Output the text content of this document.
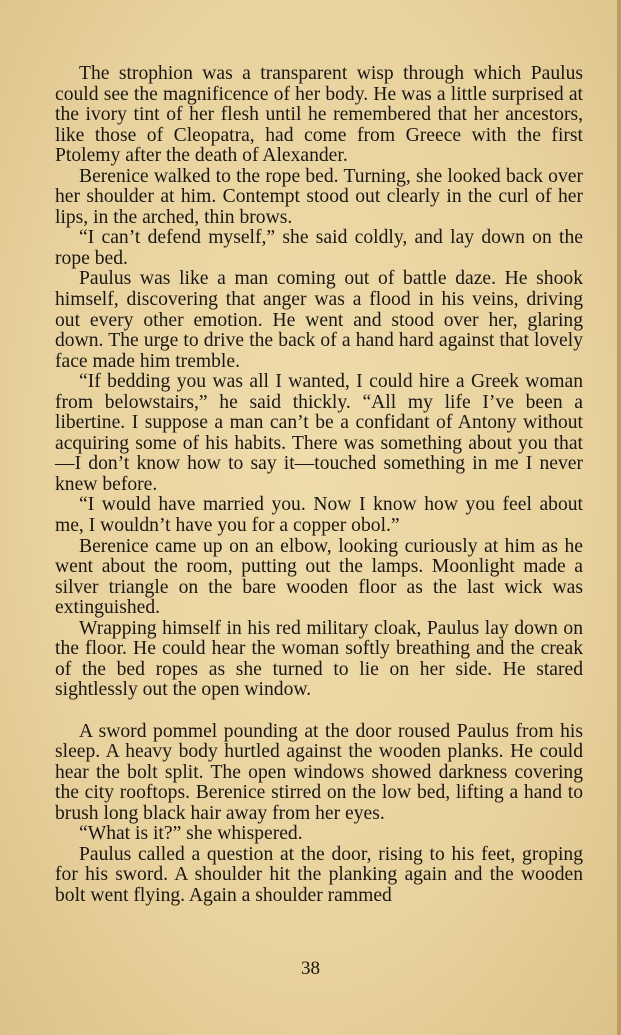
The strophion was a transparent wisp through which Paulus could see the magnificence of her body. He was a little surprised at the ivory tint of her flesh until he remembered that her ancestors, like those of Cleopatra, had come from Greece with the first Ptolemy after the death of Alexander.

Berenice walked to the rope bed. Turning, she looked back over her shoulder at him. Contempt stood out clearly in the curl of her lips, in the arched, thin brows.

“I can’t defend myself,” she said coldly, and lay down on the rope bed.

Paulus was like a man coming out of battle daze. He shook himself, discovering that anger was a flood in his veins, driving out every other emotion. He went and stood over her, glaring down. The urge to drive the back of a hand hard against that lovely face made him tremble.

“If bedding you was all I wanted, I could hire a Greek woman from belowstairs,” he said thickly. “All my life I’ve been a libertine. I suppose a man can’t be a confidant of Antony without acquiring some of his habits. There was something about you that—I don’t know how to say it—touched something in me I never knew before.

“I would have married you. Now I know how you feel about me, I wouldn’t have you for a copper obol.”

Berenice came up on an elbow, looking curiously at him as he went about the room, putting out the lamps. Moonlight made a silver triangle on the bare wooden floor as the last wick was extinguished.

Wrapping himself in his red military cloak, Paulus lay down on the floor. He could hear the woman softly breathing and the creak of the bed ropes as she turned to lie on her side. He stared sightlessly out the open window.

A sword pommel pounding at the door roused Paulus from his sleep. A heavy body hurtled against the wooden planks. He could hear the bolt split. The open windows showed darkness covering the city rooftops. Berenice stirred on the low bed, lifting a hand to brush long black hair away from her eyes.

“What is it?” she whispered.

Paulus called a question at the door, rising to his feet, groping for his sword. A shoulder hit the planking again and the wooden bolt went flying. Again a shoulder rammed

38
